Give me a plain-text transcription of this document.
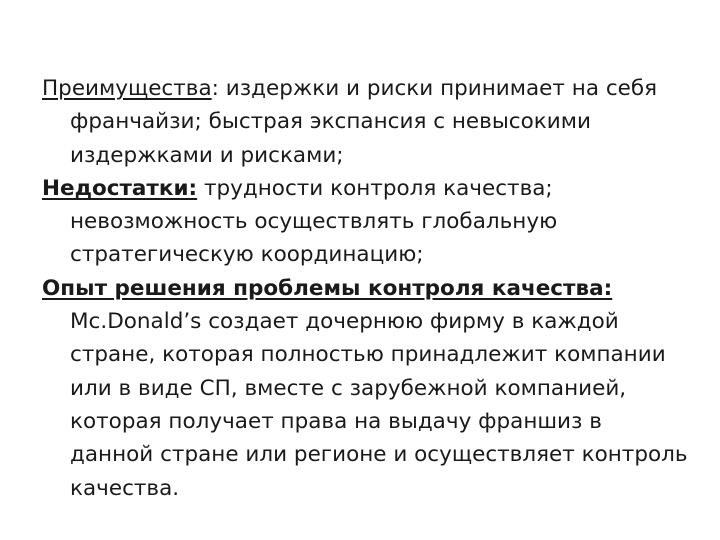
Преимущества: издержки и риски принимает на себя франчайзи; быстрая экспансия с невысокими издержками и рисками;

Недостатки: трудности контроля качества; невозможность осуществлять глобальную стратегическую координацию;

Опыт решения проблемы контроля качества: Mc.Donald’s создает дочернюю фирму в каждой стране, которая полностью принадлежит компании или в виде СП, вместе с зарубежной компанией, которая получает права на выдачу франшиз в данной стране или регионе и осуществляет контроль качества.
